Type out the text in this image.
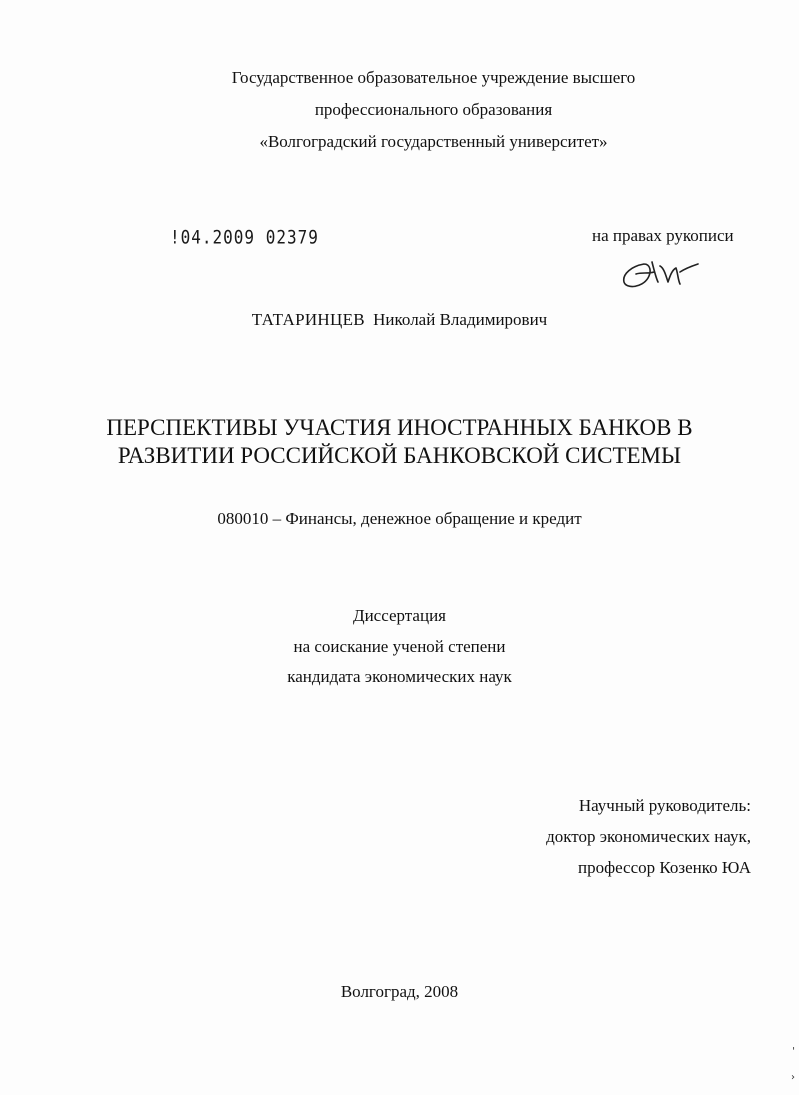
Государственное образовательное учреждение высшего
профессионального образования
«Волгоградский государственный университет»
!04.2009 02379	на правах рукописи
ТАТАРИНЦЕВ Николай Владимирович
ПЕРСПЕКТИВЫ УЧАСТИЯ ИНОСТРАННЫХ БАНКОВ В
РАЗВИТИИ РОССИЙСКОЙ БАНКОВСКОЙ СИСТЕМЫ
080010 – Финансы, денежное обращение и кредит
Диссертация
на соискание ученой степени
кандидата экономических наук
Научный руководитель:
доктор экономических наук,
профессор Козенко ЮА
Волгоград, 2008
'
›
